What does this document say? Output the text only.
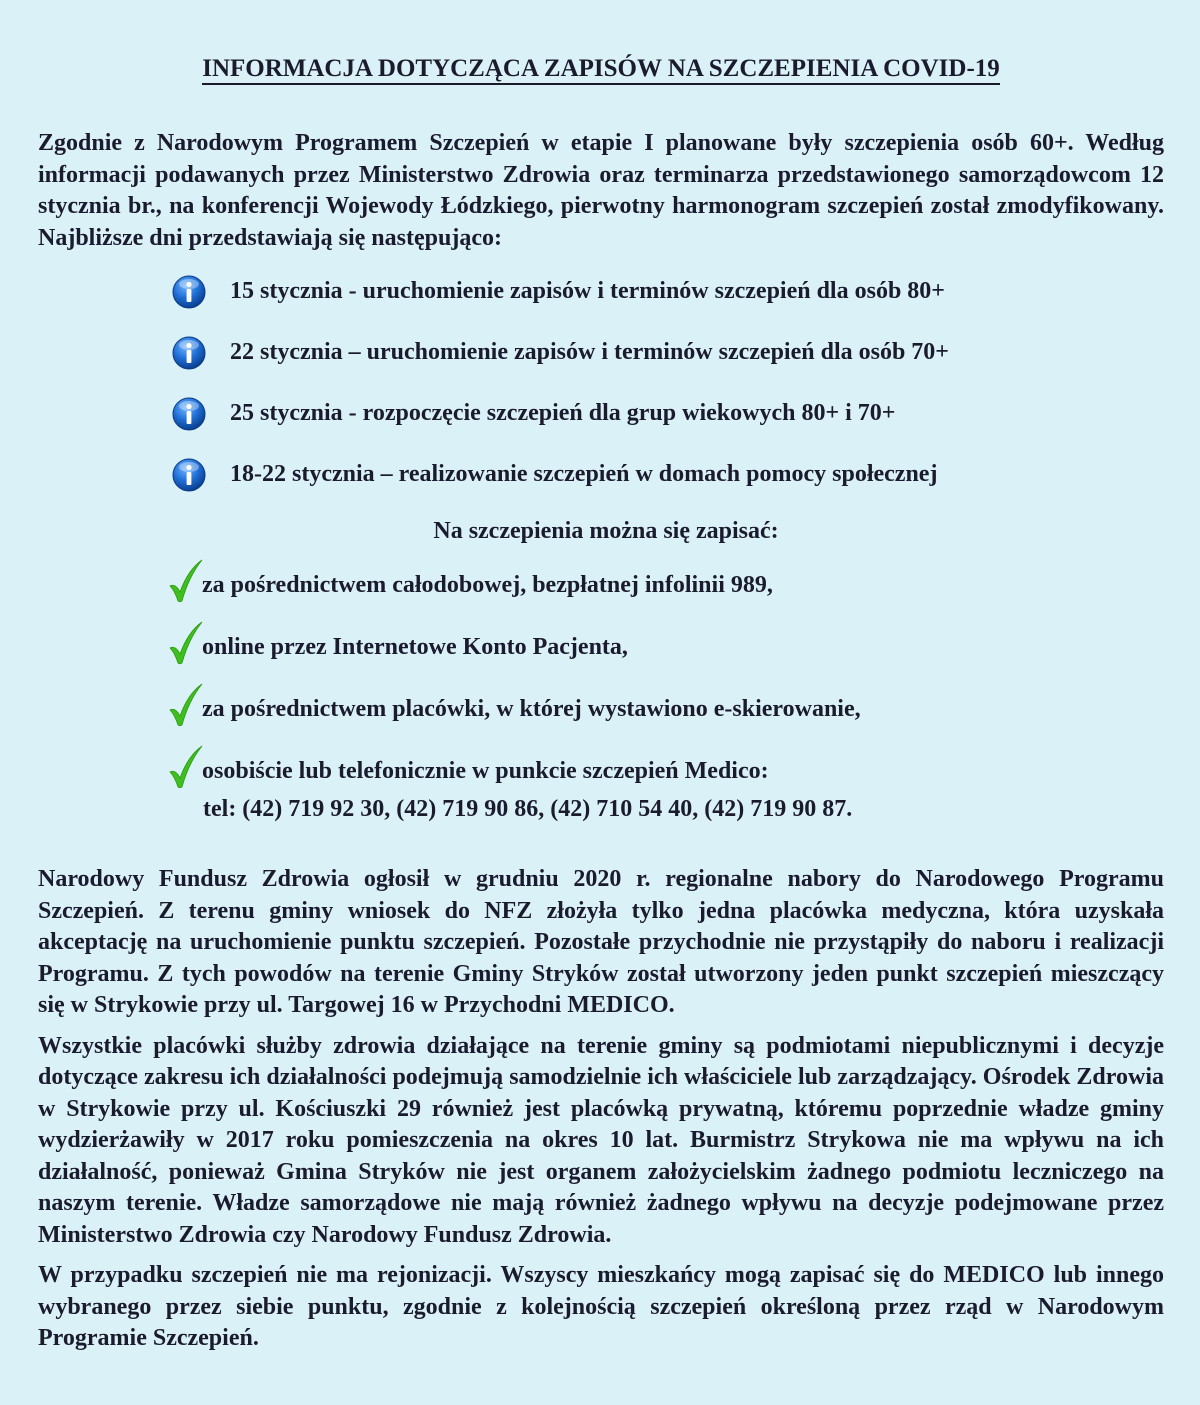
INFORMACJA DOTYCZĄCA ZAPISÓW NA SZCZEPIENIA COVID-19

Zgodnie z Narodowym Programem Szczepień w etapie I planowane były szczepienia osób 60+. Według informacji podawanych przez Ministerstwo Zdrowia oraz terminarza przedstawionego samorządowcom 12 stycznia br., na konferencji Wojewody Łódzkiego, pierwotny harmonogram szczepień został zmodyfikowany. Najbliższe dni przedstawiają się następująco:

15 stycznia - uruchomienie zapisów i terminów szczepień dla osób 80+
22 stycznia – uruchomienie zapisów i terminów szczepień dla osób 70+
25 stycznia - rozpoczęcie szczepień dla grup wiekowych 80+ i 70+
18-22 stycznia – realizowanie szczepień w domach pomocy społecznej

Na szczepienia można się zapisać:

za pośrednictwem całodobowej, bezpłatnej infolinii 989,
online przez Internetowe Konto Pacjenta,
za pośrednictwem placówki, w której wystawiono e-skierowanie,
osobiście lub telefonicznie w punkcie szczepień Medico:

tel: (42) 719 92 30, (42) 719 90 86, (42) 710 54 40, (42) 719 90 87.

Narodowy Fundusz Zdrowia ogłosił w grudniu 2020 r. regionalne nabory do Narodowego Programu Szczepień. Z terenu gminy wniosek do NFZ złożyła tylko jedna placówka medyczna, która uzyskała akceptację na uruchomienie punktu szczepień. Pozostałe przychodnie nie przystąpiły do naboru i realizacji Programu. Z tych powodów na terenie Gminy Stryków został utworzony jeden punkt szczepień mieszczący się w Strykowie przy ul. Targowej 16 w Przychodni MEDICO.

Wszystkie placówki służby zdrowia działające na terenie gminy są podmiotami niepublicznymi i decyzje dotyczące zakresu ich działalności podejmują samodzielnie ich właściciele lub zarządzający. Ośrodek Zdrowia w Strykowie przy ul. Kościuszki 29 również jest placówką prywatną, któremu poprzednie władze gminy wydzierżawiły w 2017 roku pomieszczenia na okres 10 lat. Burmistrz Strykowa nie ma wpływu na ich działalność, ponieważ Gmina Stryków nie jest organem założycielskim żadnego podmiotu leczniczego na naszym terenie. Władze samorządowe nie mają również żadnego wpływu na decyzje podejmowane przez Ministerstwo Zdrowia czy Narodowy Fundusz Zdrowia.

W przypadku szczepień nie ma rejonizacji. Wszyscy mieszkańcy mogą zapisać się do MEDICO lub innego wybranego przez siebie punktu, zgodnie z kolejnością szczepień określoną przez rząd w Narodowym Programie Szczepień.
